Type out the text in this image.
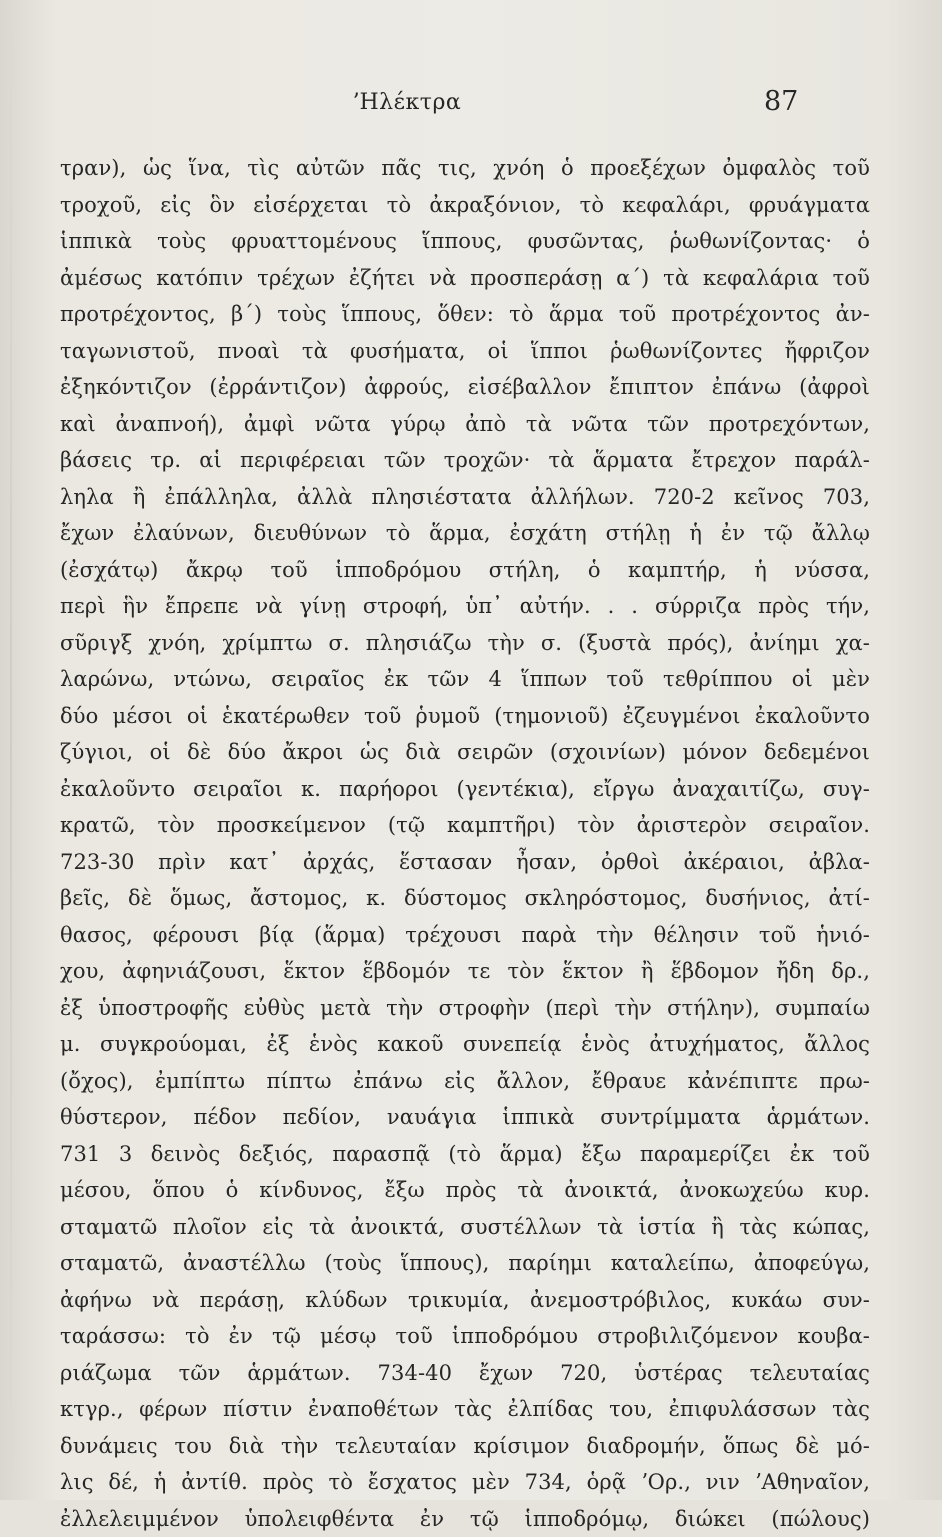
ʼΗλέκτρα	87
τραν), ὡς ἵνα, τὶς αὐτῶν πᾶς τις, χνόη ὁ προεξέχων ὀμφαλὸς τοῦ
τροχοῦ, εἰς ὃν εἰσέρχεται τὸ ἀκραξόνιον, τὸ κεφαλάρι, φρυάγματα
ἱππικὰ τοὺς φρυαττομένους ἵππους, φυσῶντας, ῥωθωνίζοντας· ὁ
ἀμέσως κατόπιν τρέχων ἐζήτει νὰ προσπεράσῃ α΄) τὰ κεφαλάρια τοῦ
προτρέχοντος, β΄) τοὺς ἵππους, ὅθεν: τὸ ἅρμα τοῦ προτρέχοντος ἀν-
ταγωνιστοῦ, πνοαὶ τὰ φυσήματα, οἱ ἵπποι ῥωθωνίζοντες ἤφριζον
ἐξηκόντιζον (ἐρράντιζον) ἀφρούς, εἰσέβαλλον ἔπιπτον ἐπάνω (ἀφροὶ
καὶ ἀναπνοή), ἀμφὶ νῶτα γύρῳ ἀπὸ τὰ νῶτα τῶν προτρεχόντων,
βάσεις τρ. αἱ περιφέρειαι τῶν τροχῶν· τὰ ἅρματα ἔτρεχον παράλ-
ληλα ἢ ἐπάλληλα, ἀλλὰ πλησιέστατα ἀλλήλων. 720-2 κεῖνος 703,
ἔχων ἐλαύνων, διευθύνων τὸ ἅρμα, ἐσχάτη στήλῃ ἡ ἐν τῷ ἄλλῳ
(ἐσχάτῳ) ἄκρῳ τοῦ ἱπποδρόμου στήλη, ὁ καμπτήρ, ἡ νύσσα,
περὶ ἣν ἔπρεπε νὰ γίνῃ στροφή, ὑπ᾽ αὐτήν. . . σύρριζα πρὸς τήν,
σῦριγξ χνόη, χρίμπτω σ. πλησιάζω τὴν σ. (ξυστὰ πρός), ἀνίημι χα-
λαρώνω, ντώνω, σειραῖος ἐκ τῶν 4 ἵππων τοῦ τεθρίππου οἱ μὲν
δύο μέσοι οἱ ἑκατέρωθεν τοῦ ῥυμοῦ (τημονιοῦ) ἐζευγμένοι ἐκαλοῦντο
ζύγιοι, οἱ δὲ δύο ἄκροι ὡς διὰ σειρῶν (σχοινίων) μόνον δεδεμένοι
ἐκαλοῦντο σειραῖοι κ. παρήοροι (γεντέκια), εἴργω ἀναχαιτίζω, συγ-
κρατῶ, τὸν προσκείμενον (τῷ καμπτῆρι) τὸν ἀριστερὸν σειραῖον.
723-30 πρὶν κατ᾽ ἀρχάς, ἕστασαν ἦσαν, ὀρθοὶ ἀκέραιοι, ἀβλα-
βεῖς, δὲ ὅμως, ἄστομος, κ. δύστομος σκληρόστομος, δυσήνιος, ἀτί-
θασος, φέρουσι βίᾳ (ἅρμα) τρέχουσι παρὰ τὴν θέλησιν τοῦ ἡνιό-
χου, ἀφηνιάζουσι, ἕκτον ἕβδομόν τε τὸν ἕκτον ἢ ἕβδομον ἤδη δρ.,
ἐξ ὑποστροφῆς εὐθὺς μετὰ τὴν στροφὴν (περὶ τὴν στήλην), συμπαίω
μ. συγκρούομαι, ἐξ ἑνὸς κακοῦ συνεπείᾳ ἑνὸς ἀτυχήματος, ἄλλος
(ὄχος), ἐμπίπτω πίπτω ἐπάνω εἰς ἄλλον, ἔθραυε κἀνέπιπτε πρω-
θύστερον, πέδον πεδίον, ναυάγια ἱππικὰ συντρίμματα ἁρμάτων.
731 3 δεινὸς δεξιός, παρασπᾷ (τὸ ἅρμα) ἔξω παραμερίζει ἐκ τοῦ
μέσου, ὅπου ὁ κίνδυνος, ἔξω πρὸς τὰ ἀνοικτά, ἀνοκωχεύω κυρ.
σταματῶ πλοῖον εἰς τὰ ἀνοικτά, συστέλλων τὰ ἱστία ἢ τὰς κώπας,
σταματῶ, ἀναστέλλω (τοὺς ἵππους), παρίημι καταλείπω, ἀποφεύγω,
ἀφήνω νὰ περάσῃ, κλύδων τρικυμία, ἀνεμοστρόβιλος, κυκάω συν-
ταράσσω: τὸ ἐν τῷ μέσῳ τοῦ ἱπποδρόμου στροβιλιζόμενον κουβα-
ριάζωμα τῶν ἁρμάτων. 734-40 ἔχων 720, ὑστέρας τελευταίας
κτγρ., φέρων πίστιν ἐναποθέτων τὰς ἐλπίδας του, ἐπιφυλάσσων τὰς
δυνάμεις του διὰ τὴν τελευταίαν κρίσιμον διαδρομήν, ὅπως δὲ μό-
λις δέ, ἡ ἀντίθ. πρὸς τὸ ἔσχατος μὲν 734, ὁρᾷ ʼΟρ., νιν ʼΑθηναῖον,
ἐλλελειμμένον ὑπολειφθέντα ἐν τῷ ἱπποδρόμῳ, διώκει (πώλους)
